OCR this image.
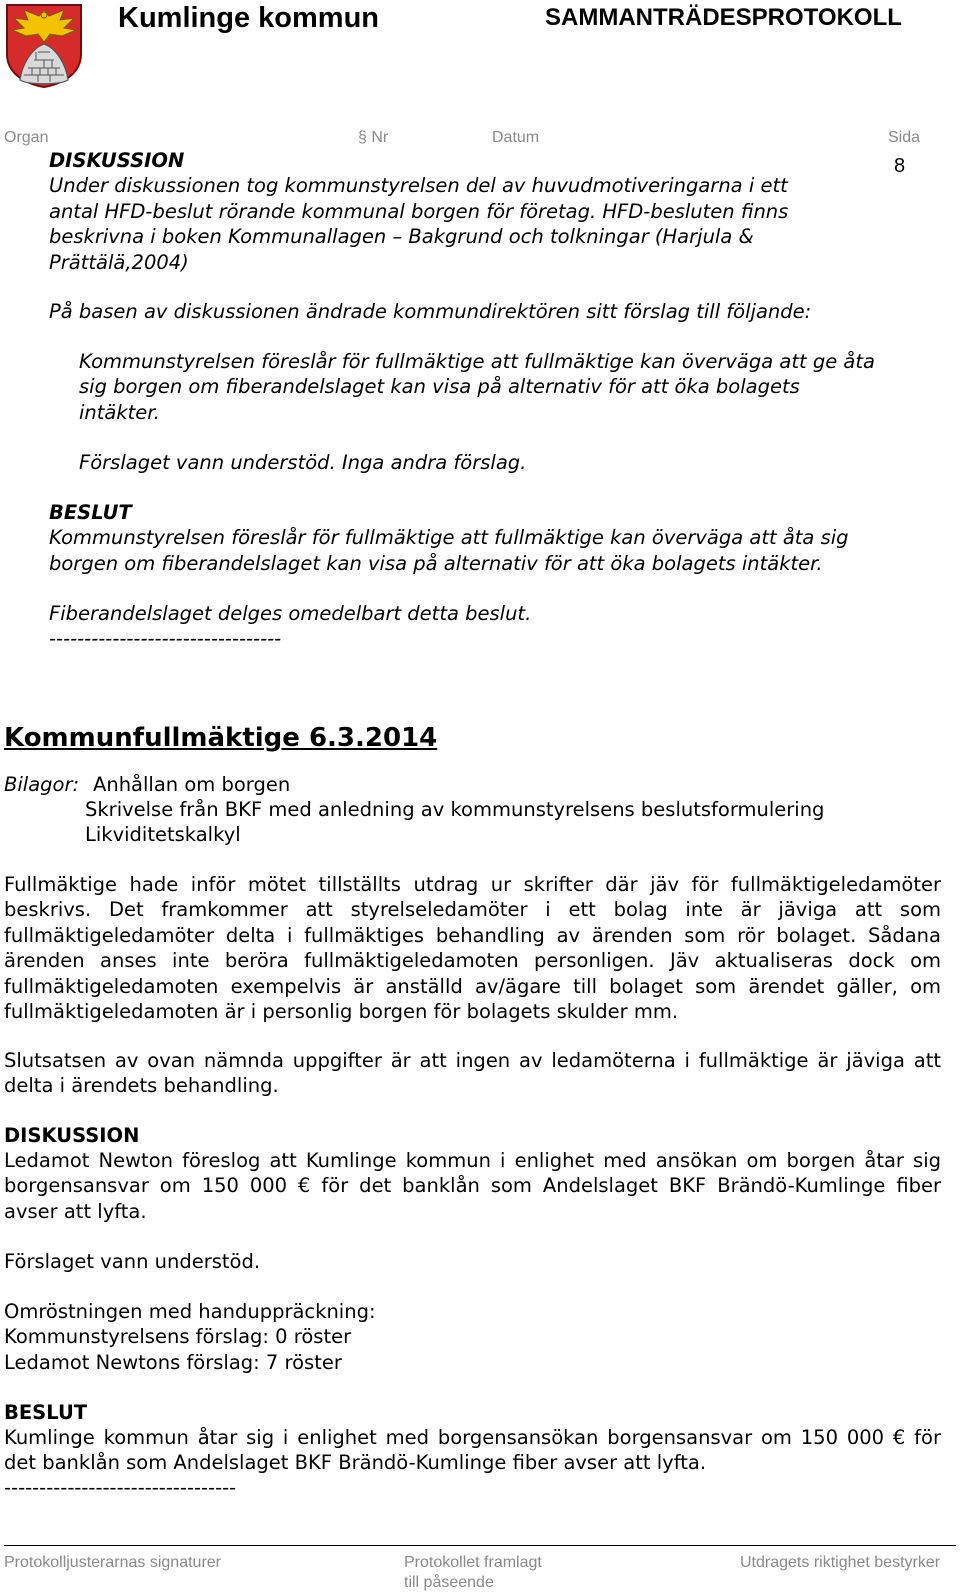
Kumlinge kommun	SAMMANTRÄDESPROTOKOLL
Organ	§ Nr	Datum	Sida
8
DISKUSSION
Under diskussionen tog kommunstyrelsen del av huvudmotiveringarna i ett
antal HFD-beslut rörande kommunal borgen för företag. HFD-besluten finns
beskrivna i boken Kommunallagen – Bakgrund och tolkningar (Harjula &
Prättälä,2004)
På basen av diskussionen ändrade kommundirektören sitt förslag till följande:
Kommunstyrelsen föreslår för fullmäktige att fullmäktige kan överväga att ge åta
sig borgen om fiberandelslaget kan visa på alternativ för att öka bolagets
intäkter.
Förslaget vann understöd. Inga andra förslag.
BESLUT
Kommunstyrelsen föreslår för fullmäktige att fullmäktige kan överväga att åta sig
borgen om fiberandelslaget kan visa på alternativ för att öka bolagets intäkter.
Fiberandelslaget delges omedelbart detta beslut.
---------------------------------
Kommunfullmäktige 6.3.2014
Bilagor: Anhållan om borgen
Skrivelse från BKF med anledning av kommunstyrelsens beslutsformulering
Likviditetskalkyl
Fullmäktige hade inför mötet tillställts utdrag ur skrifter där jäv för fullmäktigeledamöter beskrivs. Det framkommer att styrelseledamöter i ett bolag inte är jäviga att som fullmäktigeledamöter delta i fullmäktiges behandling av ärenden som rör bolaget. Sådana ärenden anses inte beröra fullmäktigeledamoten personligen. Jäv aktualiseras dock om fullmäktigeledamoten exempelvis är anställd av/ägare till bolaget som ärendet gäller, om fullmäktigeledamoten är i personlig borgen för bolagets skulder mm.
Slutsatsen av ovan nämnda uppgifter är att ingen av ledamöterna i fullmäktige är jäviga att delta i ärendets behandling.
DISKUSSION
Ledamot Newton föreslog att Kumlinge kommun i enlighet med ansökan om borgen åtar sig borgensansvar om 150 000 € för det banklån som Andelslaget BKF Brändö-Kumlinge fiber avser att lyfta.
Förslaget vann understöd.
Omröstningen med handuppräckning:
Kommunstyrelsens förslag: 0 röster
Ledamot Newtons förslag: 7 röster
BESLUT
Kumlinge kommun åtar sig i enlighet med borgensansökan borgensansvar om 150 000 € för det banklån som Andelslaget BKF Brändö-Kumlinge fiber avser att lyfta.
---------------------------------
Protokolljusterarnas signaturer	Protokollet framlagt
till påseende
Utdragets riktighet bestyrker
